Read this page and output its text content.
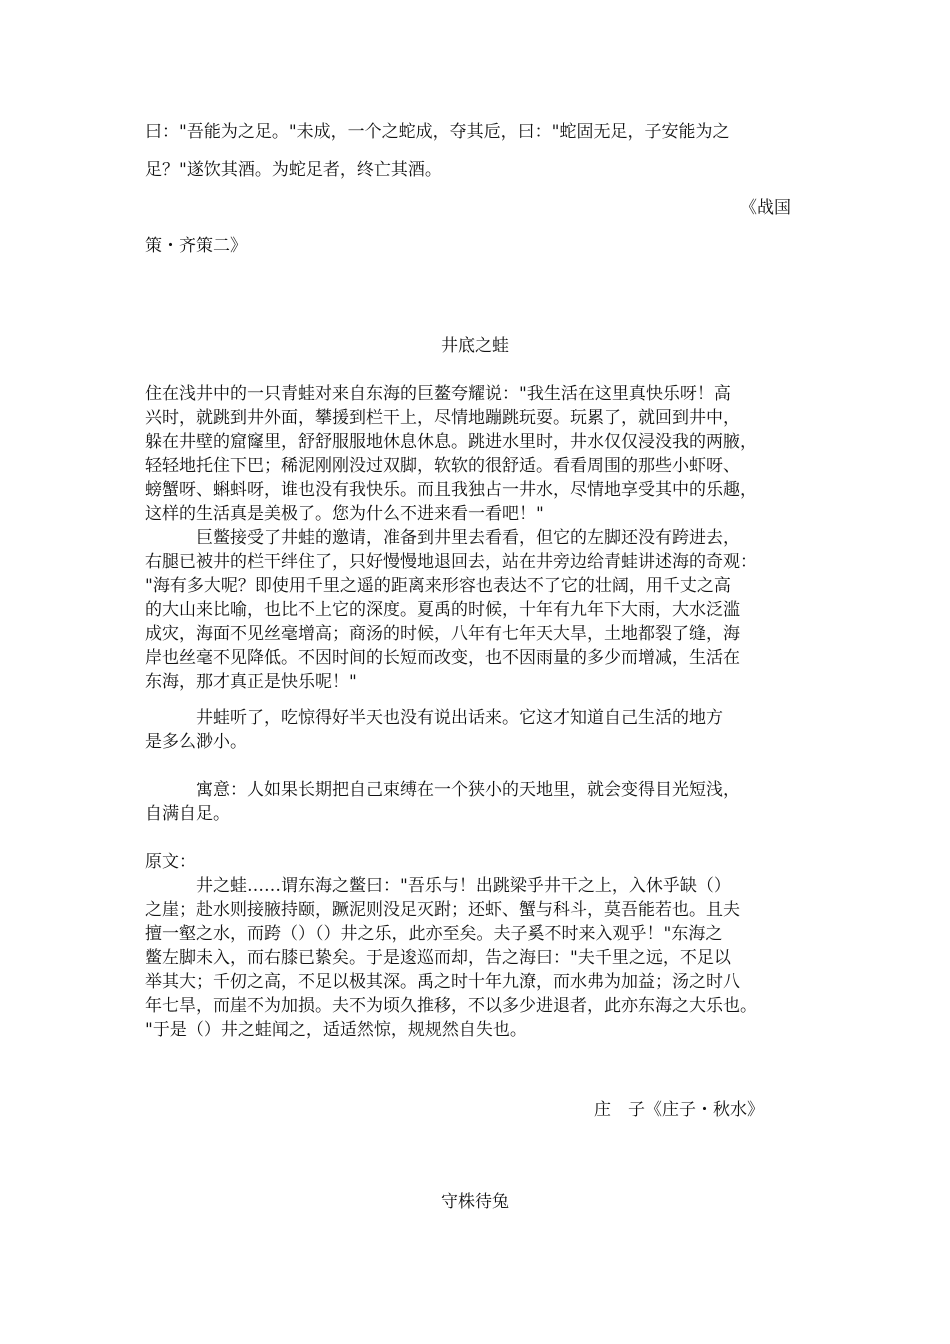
曰："吾能为之足。"未成，一个之蛇成，夺其卮，曰："蛇固无足，子安能为之
足？"遂饮其酒。为蛇足者，终亡其酒。
《战国
策・齐策二》
井底之蛙
住在浅井中的一只青蛙对来自东海的巨鳌夸耀说："我生活在这里真快乐呀！高
兴时，就跳到井外面，攀援到栏干上，尽情地蹦跳玩耍。玩累了，就回到井中，
躲在井壁的窟窿里，舒舒服服地休息休息。跳进水里时，井水仅仅浸没我的两腋，
轻轻地托住下巴；稀泥刚刚没过双脚，软软的很舒适。看看周围的那些小虾呀、
螃蟹呀、蝌蚪呀，谁也没有我快乐。而且我独占一井水，尽情地享受其中的乐趣，
这样的生活真是美极了。您为什么不进来看一看吧！"
　　　巨鳖接受了井蛙的邀请，准备到井里去看看，但它的左脚还没有跨进去，
右腿已被井的栏干绊住了，只好慢慢地退回去，站在井旁边给青蛙讲述海的奇观：
"海有多大呢？即使用千里之遥的距离来形容也表达不了它的壮阔，用千丈之高
的大山来比喻，也比不上它的深度。夏禹的时候，十年有九年下大雨，大水泛滥
成灾，海面不见丝毫增高；商汤的时候，八年有七年天大旱，土地都裂了缝，海
岸也丝毫不见降低。不因时间的长短而改变，也不因雨量的多少而增减，生活在
东海，那才真正是快乐呢！"
　　　井蛙听了，吃惊得好半天也没有说出话来。它这才知道自己生活的地方
是多么渺小。
　　　寓意：人如果长期把自己束缚在一个狭小的天地里，就会变得目光短浅，
自满自足。
原文：
　　　井之蛙……谓东海之鳖曰："吾乐与！出跳梁乎井干之上，入休乎缺（）
之崖；赴水则接腋持颐，蹶泥则没足灭跗；还虾、蟹与科斗，莫吾能若也。且夫
擅一壑之水，而跨（）（）井之乐，此亦至矣。夫子奚不时来入观乎！"东海之
鳖左脚未入，而右膝已絷矣。于是逡巡而却，告之海曰："夫千里之远，不足以
举其大；千仞之高，不足以极其深。禹之时十年九潦，而水弗为加益；汤之时八
年七旱，而崖不为加损。夫不为顷久推移，不以多少进退者，此亦东海之大乐也。
"于是（）井之蛙闻之，适适然惊，规规然自失也。
庄　子《庄子・秋水》
守株待兔
